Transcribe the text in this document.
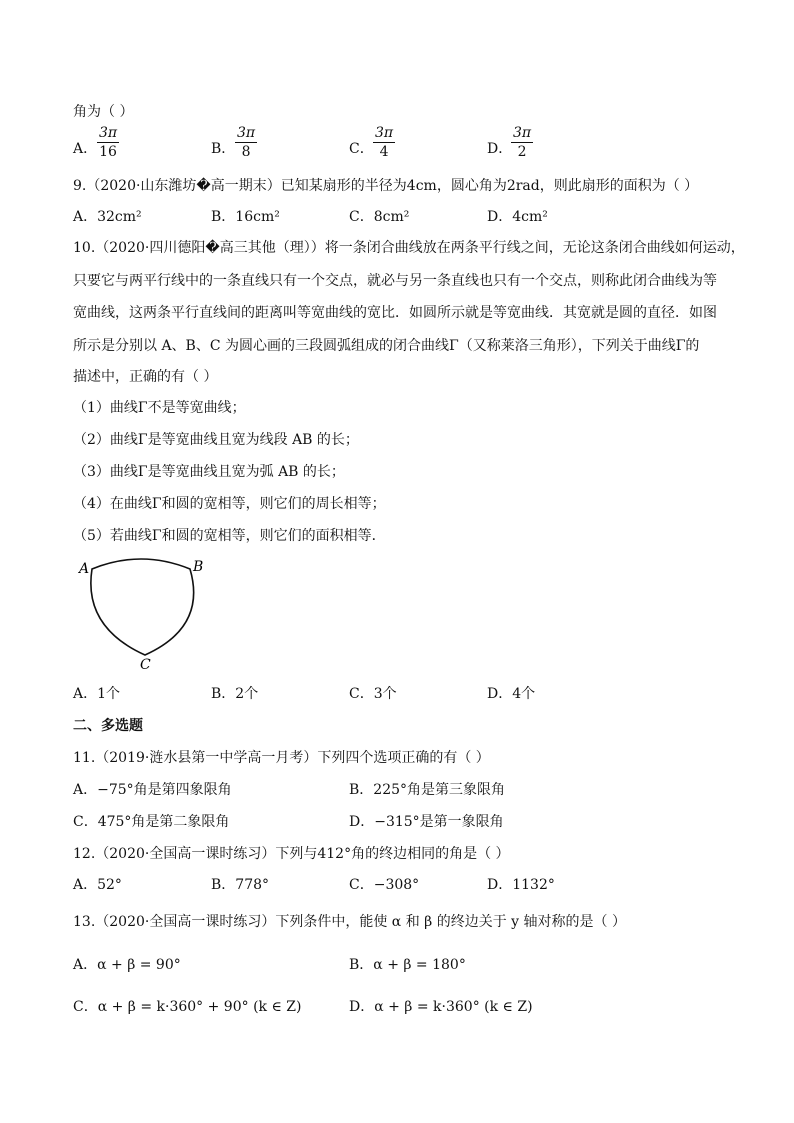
角为（ ）
A．
3π
16	B．
3π
8	C．
3π
4	D．
3π
2
9.（2020·山东潍坊�高一期末）已知某扇形的半径为4cm，圆心角为2rad，则此扇形的面积为（ ）
A．32cm²	B．16cm²	C．8cm²	D．4cm²
10.（2020·四川德阳�高三其他（理））将一条闭合曲线放在两条平行线之间，无论这条闭合曲线如何运动，
只要它与两平行线中的一条直线只有一个交点，就必与另一条直线也只有一个交点，则称此闭合曲线为等
宽曲线，这两条平行直线间的距离叫等宽曲线的宽比．如圆所示就是等宽曲线．其宽就是圆的直径．如图
所示是分别以 A、B、C 为圆心画的三段圆弧组成的闭合曲线Γ（又称莱洛三角形），下列关于曲线Γ的
描述中，正确的有（ ）
（1）曲线Γ不是等宽曲线；
（2）曲线Γ是等宽曲线且宽为线段 AB 的长；
（3）曲线Γ是等宽曲线且宽为弧 AB 的长；
（4）在曲线Γ和圆的宽相等，则它们的周长相等；
（5）若曲线Γ和圆的宽相等，则它们的面积相等．
A	B
C
A．1个	B．2个	C．3个	D．4个
二、多选题
11.（2019·涟水县第一中学高一月考）下列四个选项正确的有（ ）
A．−75°角是第四象限角	B．225°角是第三象限角
C．475°角是第二象限角	D．−315°是第一象限角
12.（2020·全国高一课时练习）下列与412°角的终边相同的角是（ ）
A．52°	B．778°	C．−308°	D．1132°
13.（2020·全国高一课时练习）下列条件中，能使 α 和 β 的终边关于 y 轴对称的是（ ）
A．α + β = 90°	B．α + β = 180°
C．α + β = k·360° + 90° (k ∈ Z)	D．α + β = k·360° (k ∈ Z)
